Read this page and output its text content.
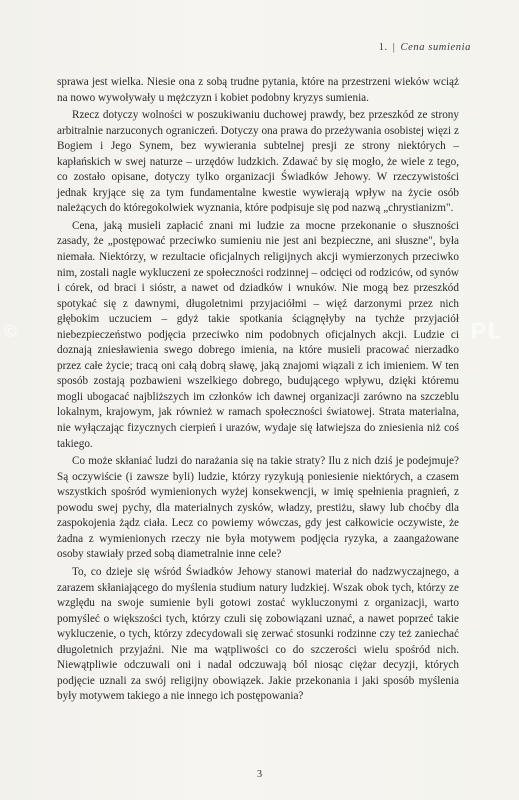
1. | Cena sumienia

sprawa jest wielka. Niesie ona z sobą trudne pytania, które na przestrzeni wieków wciąż na nowo wywoływały u mężczyzn i kobiet podobny kryzys sumienia.

Rzecz dotyczy wolności w poszukiwaniu duchowej prawdy, bez przeszkód ze strony arbitralnie narzuconych ograniczeń. Dotyczy ona prawa do przeżywania osobistej więzi z Bogiem i Jego Synem, bez wywierania subtelnej presji ze strony niektórych – kapłańskich w swej naturze – urzędów ludzkich. Zdawać by się mogło, że wiele z tego, co zostało opisane, dotyczy tylko organizacji Świadków Jehowy. W rzeczywistości jednak kryjące się za tym fundamentalne kwestie wywierają wpływ na życie osób należących do któregokolwiek wyznania, które podpisuje się pod nazwą „chrystianizm".

Cena, jaką musieli zapłacić znani mi ludzie za mocne przekonanie o słuszności zasady, że „postępować przeciwko sumieniu nie jest ani bezpieczne, ani słuszne", była niemała. Niektórzy, w rezultacie oficjalnych religijnych akcji wymierzonych przeciwko nim, zostali nagle wykluczeni ze społeczności rodzinnej – odcięci od rodziców, od synów i córek, od braci i sióstr, a nawet od dziadków i wnuków. Nie mogą bez przeszkód spotykać się z dawnymi, długoletnimi przyjaciółmi – więź darzonymi przez nich głębokim uczuciem – gdyż takie spotkania ściągnęłyby na tychże przyjaciół niebezpieczeństwo podjęcia przeciwko nim podobnych oficjalnych akcji. Ludzie ci doznają zniesławienia swego dobrego imienia, na które musieli pracować nierzadko przez całe życie; tracą oni całą dobrą sławę, jaką znajomi wiązali z ich imieniem. W ten sposób zostają pozbawieni wszelkiego dobrego, budującego wpływu, dzięki któremu mogli ubogacać najbliższych im członków ich dawnej organizacji zarówno na szczeblu lokalnym, krajowym, jak również w ramach społeczności światowej. Strata materialna, nie wyłączając fizycznych cierpień i urazów, wydaje się łatwiejsza do zniesienia niż coś takiego.

Co może skłaniać ludzi do narażania się na takie straty? Ilu z nich dziś je podejmuje? Są oczywiście (i zawsze byli) ludzie, którzy ryzykują poniesienie niektórych, a czasem wszystkich spośród wymienionych wyżej konsekwencji, w imię spełnienia pragnień, z powodu swej pychy, dla materialnych zysków, władzy, prestiżu, sławy lub choćby dla zaspokojenia żądz ciała. Lecz co powiemy wówczas, gdy jest całkowicie oczywiste, że żadna z wymienionych rzeczy nie była motywem podjęcia ryzyka, a zaangażowane osoby stawiały przed sobą diametralnie inne cele?

To, co dzieje się wśród Świadków Jehowy stanowi materiał do nadzwyczajnego, a zarazem skłaniającego do myślenia studium natury ludzkiej. Wszak obok tych, którzy ze względu na swoje sumienie byli gotowi zostać wykluczonymi z organizacji, warto pomyśleć o większości tych, którzy czuli się zobowiązani uznać, a nawet poprzeć takie wykluczenie, o tych, którzy zdecydowali się zerwać stosunki rodzinne czy też zaniechać długoletnich przyjaźni. Nie ma wątpliwości co do szczerości wielu spośród nich. Niewątpliwie odczuwali oni i nadal odczuwają ból niosąc ciężar decyzji, których podjęcie uznali za swój religijny obowiązek. Jakie przekonania i jaki sposób myślenia były motywem takiego a nie innego ich postępowania?

©	PL
3
